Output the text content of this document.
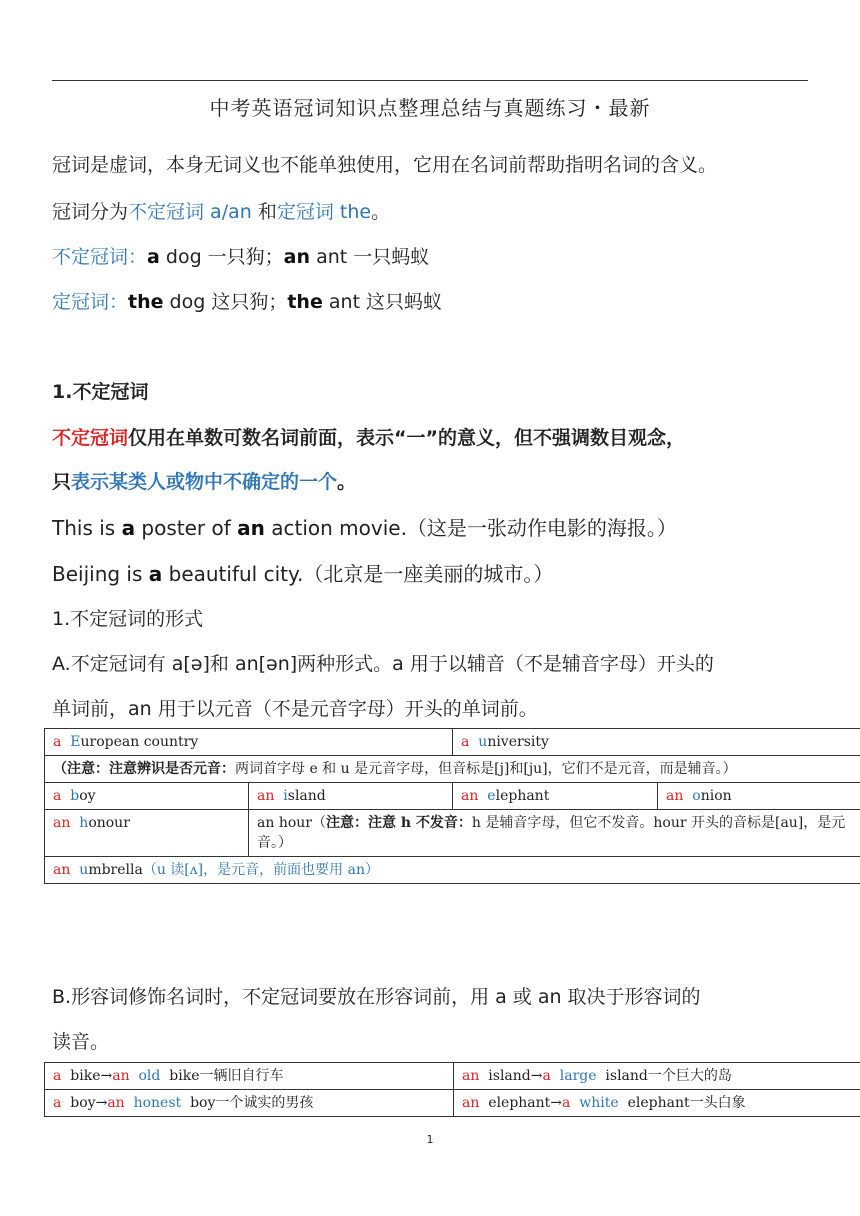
中考英语冠词知识点整理总结与真题练习・最新
冠词是虚词，本身无词义也不能单独使用，它用在名词前帮助指明名词的含义。
冠词分为不定冠词 a/an 和定冠词 the。
不定冠词：a dog 一只狗；an ant 一只蚂蚁
定冠词：the dog 这只狗；the ant 这只蚂蚁
1.不定冠词
不定冠词仅用在单数可数名词前面，表示“一”的意义，但不强调数目观念，
只表示某类人或物中不确定的一个。
This is a poster of an action movie.（这是一张动作电影的海报。）
Beijing is a beautiful city.（北京是一座美丽的城市。）
1.不定冠词的形式
A.不定冠词有 a[ə]和 an[ən]两种形式。a 用于以辅音（不是辅音字母）开头的
单词前，an 用于以元音（不是元音字母）开头的单词前。
a European country		a university	
（注意：注意辨识是否元音：两词首字母 e 和 u 是元音字母，但音标是[j]和[ju]，它们不是元音，而是辅音。）			
a boy	an island	an elephant	an onion
an honour	an hour（注意：注意 h 不发音：h 是辅音字母，但它不发音。hour 开头的音标是[au]，是元音。）		
an umbrella（u 读[ʌ]，是元音，前面也要用 an）			
B.形容词修饰名词时，不定冠词要放在形容词前，用 a 或 an 取决于形容词的
读音。
a bike→an old bike一辆旧自行车	an island→a large island一个巨大的岛
a boy→an honest boy一个诚实的男孩	an elephant→a white elephant一头白象
1
